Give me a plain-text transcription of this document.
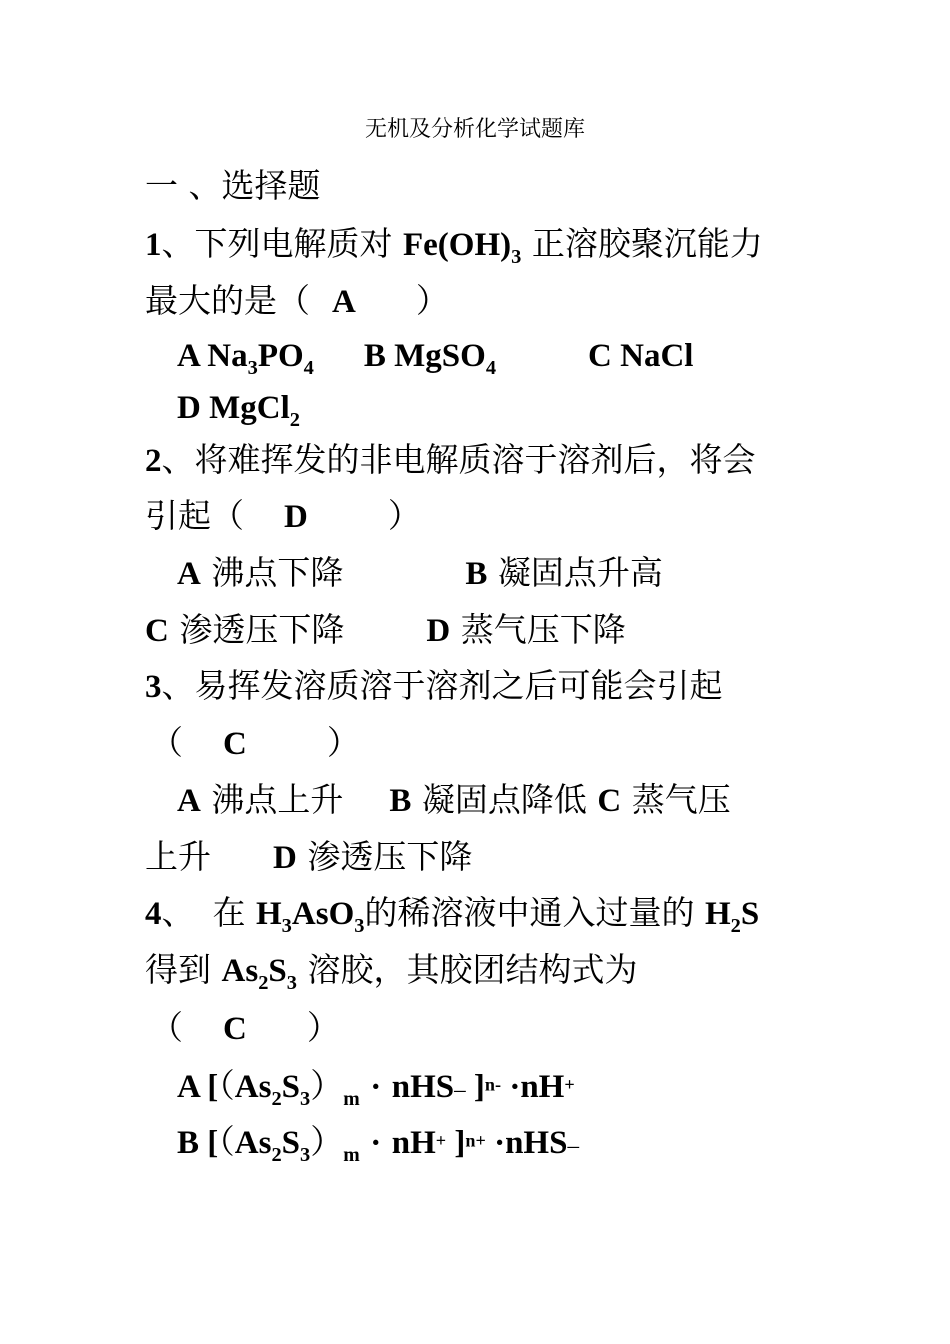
无机及分析化学试题库
一 、选择题
1、下列电解质对 $Fe(OH)_3$ 正溶胶聚沉能力
最大的是（ A ）
A $Na_3PO_4$ B MgSO$_4$	C NaCl
D MgCl$_2$
2、将难挥发的非电解质溶于溶剂后，将会
引起（ D ）
A 沸点下降	B 凝固点升高
C 渗透压下降 D 蒸气压下降
3、易挥发溶质溶于溶剂之后可能会引起
（ C ）
A 沸点上升 B 凝固点降低 C 蒸气压
上升 D 渗透压下降
4、 在 $H_3AsO_3$的稀溶液中通入过量的 $H_2S$
得到 $As_2S_3$ 溶胶，其胶团结构式为
（ C ）
A [$(As_2S_3)_m \cdot nHS-$ ]$^{n-}$ ·nH+
B [$(As_2S_3)_m \cdot nH^+$ ]$^{n+}$ ·nHS–
